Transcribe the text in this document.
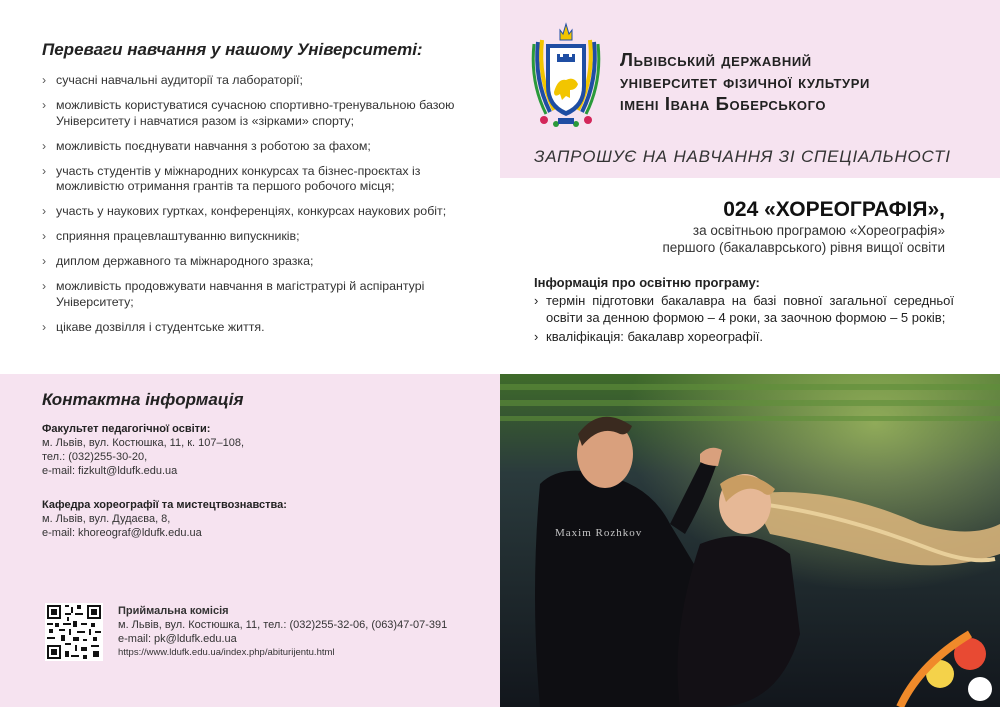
Переваги навчання у нашому Університеті:
› сучасні навчальні аудиторії та лабораторії;
› можливість користуватися сучасною спортивно-тренувальною базою Університету і навчатися разом із «зірками» спорту;
› можливість поєднувати навчання з роботою за фахом;
› участь студентів у міжнародних конкурсах та бізнес-проєктах із можливістю отримання грантів та першого робочого місця;
› участь у наукових гуртках, конференціях, конкурсах наукових робіт;
› сприяння працевлаштуванню випускників;
› диплом державного та міжнародного зразка;
› можливість продовжувати навчання в магістратурі й аспірантурі Університету;
› цікаве дозвілля і студентське життя.
Контактна інформація
Факультет педагогічної освіти:
м. Львів, вул. Костюшка, 11, к. 107–108,
тел.: (032)255-30-20,
e-mail: fizkult@ldufk.edu.ua
Кафедра хореографії та мистецтвознавства:
м. Львів, вул. Дудаєва, 8,
e-mail: khoreograf@ldufk.edu.ua
Приймальна комісія
м. Львів, вул. Костюшка, 11, тел.: (032)255-32-06, (063)47-07-391
e-mail: pk@ldufk.edu.ua
https://www.ldufk.edu.ua/index.php/abiturijentu.html
Львівський державний
університет фізичної культури
імені Івана Боберського
ЗАПРОШУЄ НА НАВЧАННЯ ЗІ СПЕЦІАЛЬНОСТІ
024 «ХОРЕОГРАФІЯ»,
за освітньою програмою «Хореографія»
першого (бакалаврського) рівня вищої освіти
Інформація про освітню програму:
› термін підготовки бакалавра на базі повної загальної середньої освіти за денною формою – 4 роки, за заочною формою – 5 років;
› кваліфікація: бакалавр хореографії.
Maxim Rozhkov
